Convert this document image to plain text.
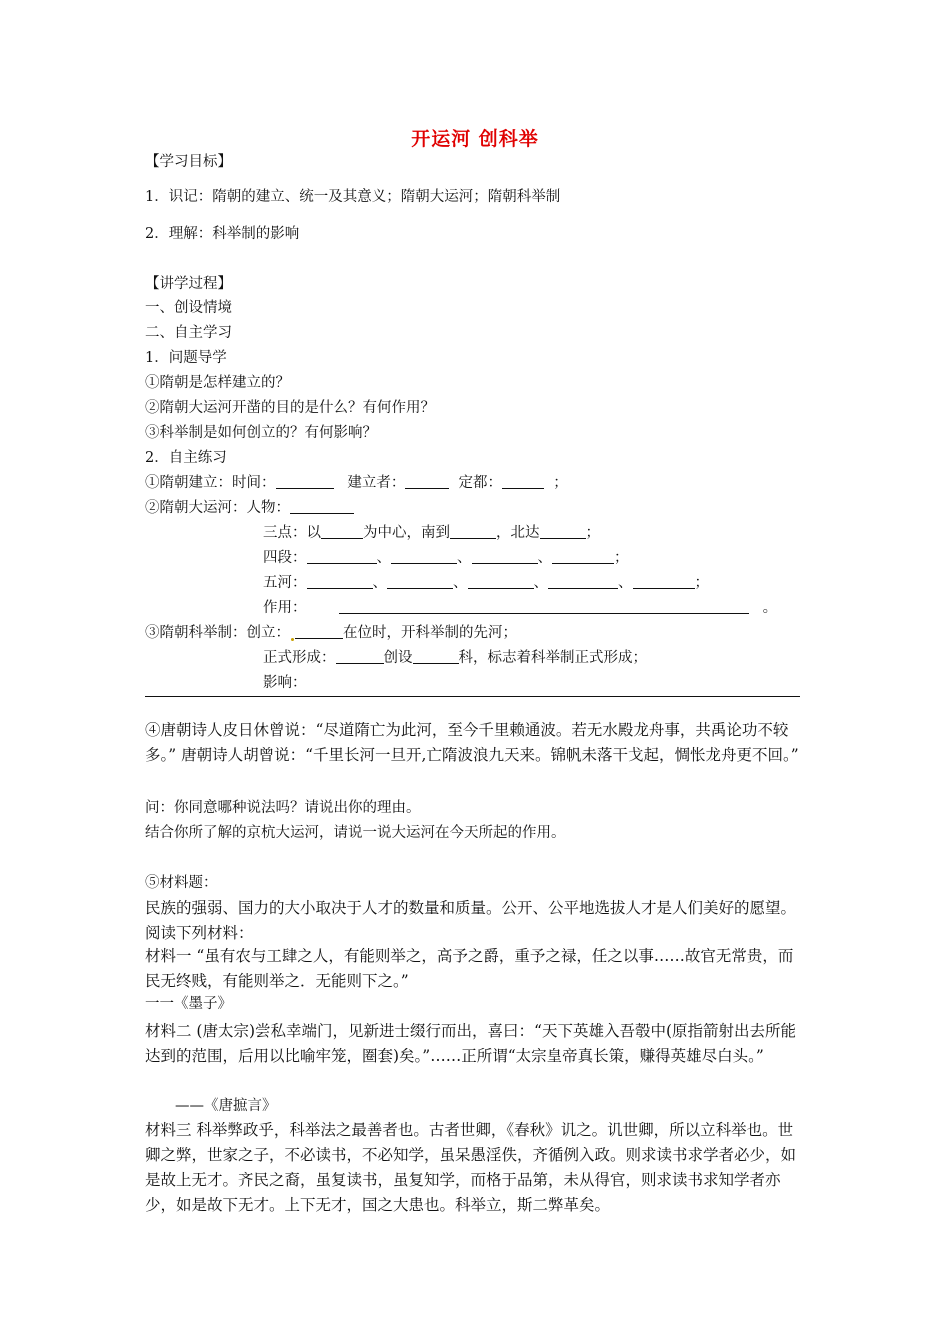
开运河 创科举
【学习目标】
1．识记：隋朝的建立、统一及其意义；隋朝大运河；隋朝科举制
2．理解：科举制的影响
【讲学过程】
一、创设情境
二、自主学习
1．问题导学
①隋朝是怎样建立的？
②隋朝大运河开凿的目的是什么？有何作用？
③科举制是如何创立的？有何影响？
2．自主练习
①隋朝建立：时间：	建立者：	定都：	；
②隋朝大运河：人物：
三点：以	为中心，南到	，北达	；
四段：	、	、	、	；
五河：	、	、	、	、	；
作用：	。
③隋朝科举制：创立：	在位时，开科举制的先河；
正式形成：	创设	科，标志着科举制正式形成；
影响：
④唐朝诗人皮日休曾说：“尽道隋亡为此河，至今千里赖通波。若无水殿龙舟事，共禹论功不较多。” 唐朝诗人胡曾说：“千里长河一旦开,亡隋波浪九天来。锦帆未落干戈起，惆怅龙舟更不回。”
问：你同意哪种说法吗？请说出你的理由。
结合你所了解的京杭大运河，请说一说大运河在今天所起的作用。
⑤材料题：
民族的强弱、国力的大小取决于人才的数量和质量。公开、公平地选拔人才是人们美好的愿望。阅读下列材料：
材料一 “虽有农与工肆之人，有能则举之，高予之爵，重予之禄，任之以事……故官无常贵，而民无终贱，有能则举之．无能则下之。”
一一《墨子》
材料二 (唐太宗)尝私幸端门，见新进士缀行而出，喜曰：“天下英雄入吾彀中(原指箭射出去所能达到的范围，后用以比喻牢笼，圈套)矣。”……正所谓“太宗皇帝真长策，赚得英雄尽白头。”
——《唐摭言》
材料三 科举弊政乎，科举法之最善者也。古者世卿，《春秋》讥之。讥世卿，所以立科举也。世卿之弊，世家之子，不必读书，不必知学，虽呆愚淫佚，齐循例入政。则求读书求学者必少，如是故上无才。齐民之裔，虽复读书，虽复知学，而格于品第，未从得官，则求读书求知学者亦少，如是故下无才。上下无才，国之大患也。科举立，斯二弊革矣。
